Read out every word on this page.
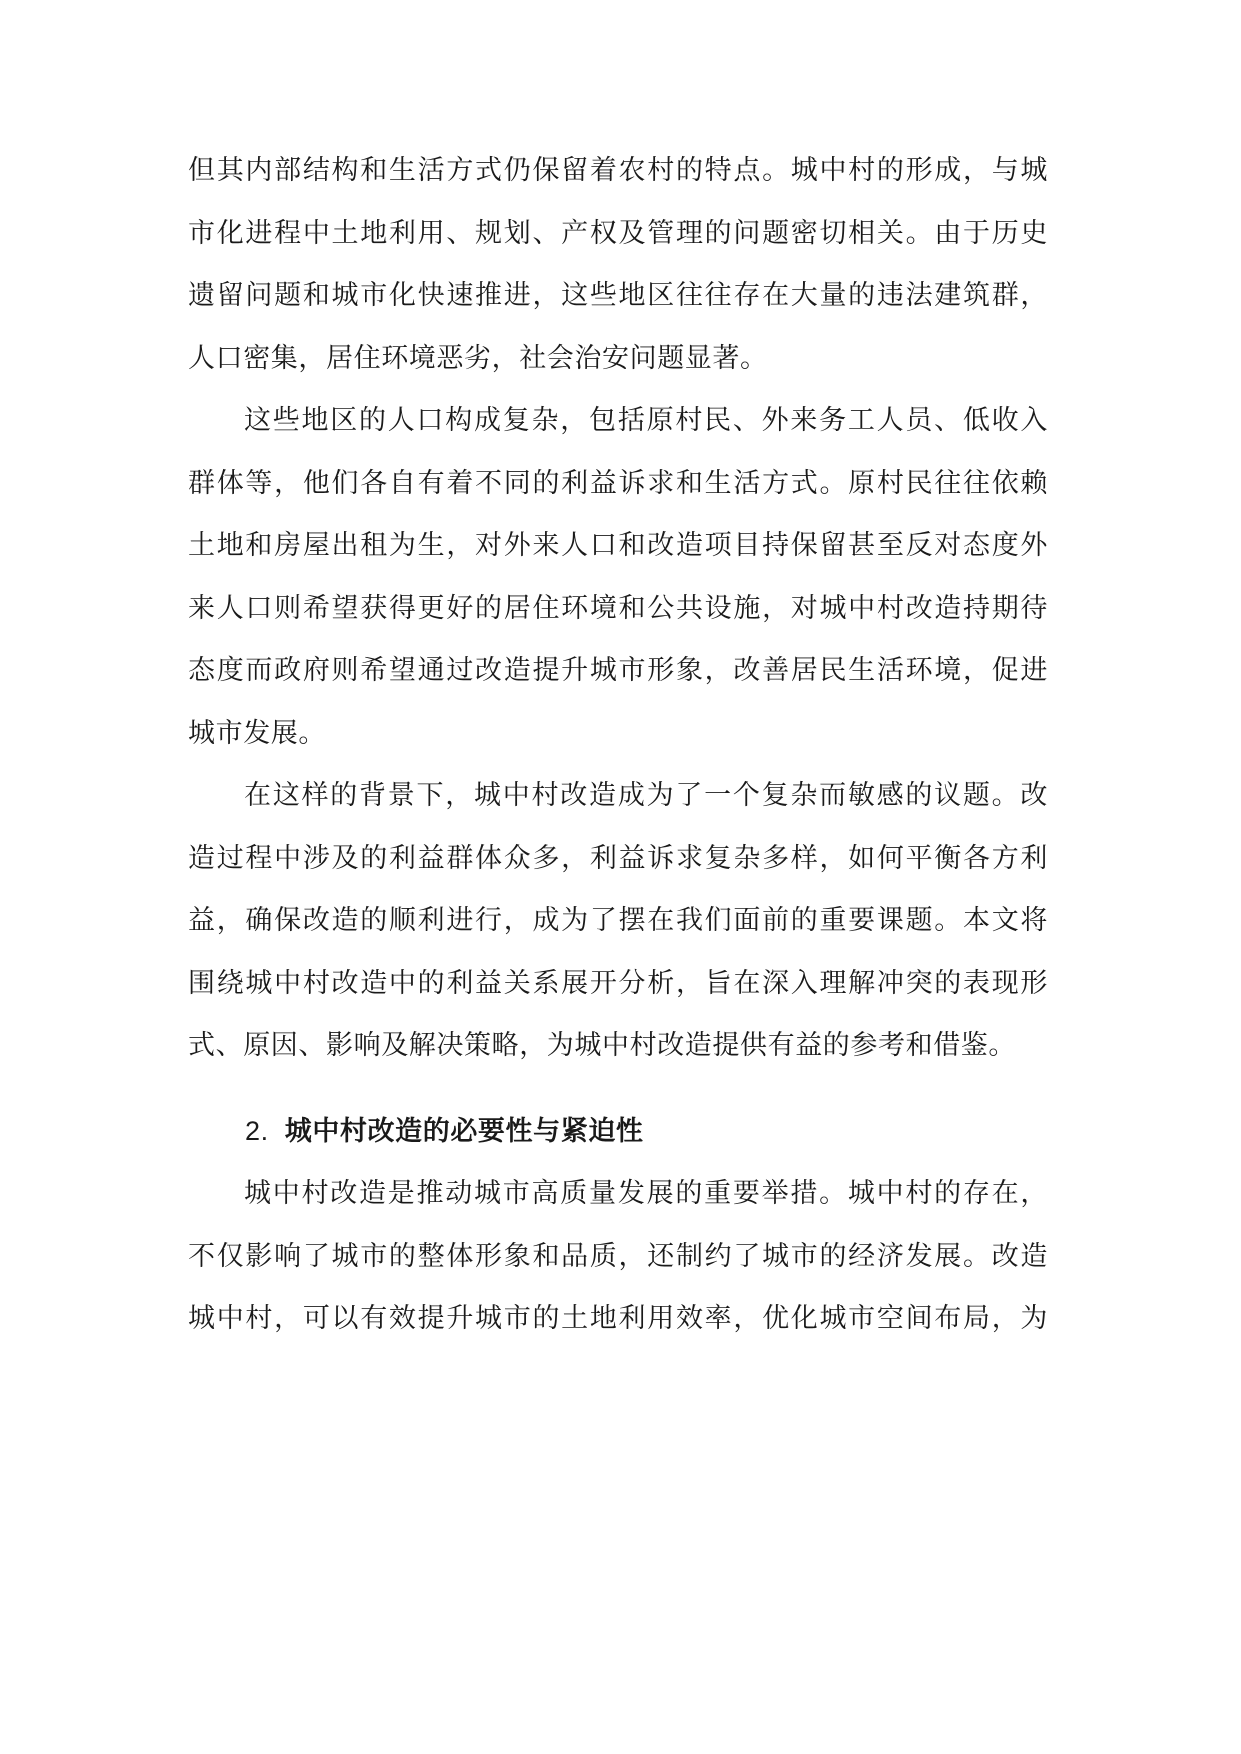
但其内部结构和生活方式仍保留着农村的特点。城中村的形成，与城
市化进程中土地利用、规划、产权及管理的问题密切相关。由于历史
遗留问题和城市化快速推进，这些地区往往存在大量的违法建筑群，
人口密集，居住环境恶劣，社会治安问题显著。
这些地区的人口构成复杂，包括原村民、外来务工人员、低收入
群体等，他们各自有着不同的利益诉求和生活方式。原村民往往依赖
土地和房屋出租为生，对外来人口和改造项目持保留甚至反对态度外
来人口则希望获得更好的居住环境和公共设施，对城中村改造持期待
态度而政府则希望通过改造提升城市形象，改善居民生活环境，促进
城市发展。
在这样的背景下，城中村改造成为了一个复杂而敏感的议题。改
造过程中涉及的利益群体众多，利益诉求复杂多样，如何平衡各方利
益，确保改造的顺利进行，成为了摆在我们面前的重要课题。本文将
围绕城中村改造中的利益关系展开分析，旨在深入理解冲突的表现形
式、原因、影响及解决策略，为城中村改造提供有益的参考和借鉴。
2. 城中村改造的必要性与紧迫性
城中村改造是推动城市高质量发展的重要举措。城中村的存在，
不仅影响了城市的整体形象和品质，还制约了城市的经济发展。改造
城中村，可以有效提升城市的土地利用效率，优化城市空间布局，为
